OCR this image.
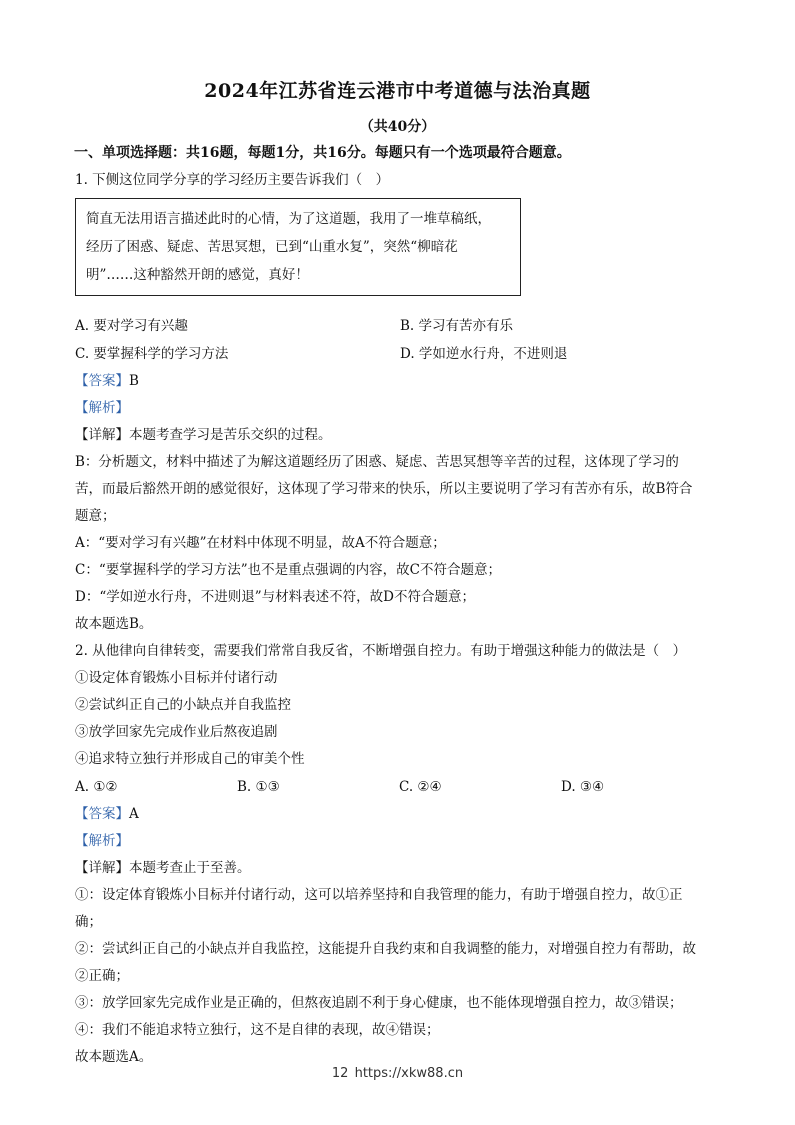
2024年江苏省连云港市中考道德与法治真题
（共40分）
一、单项选择题：共16题，每题1分，共16分。每题只有一个选项最符合题意。
1. 下侧这位同学分享的学习经历主要告诉我们（　）
简直无法用语言描述此时的心情，为了这道题，我用了一堆草稿纸，
经历了困惑、疑虑、苦思冥想，已到“山重水复”，突然“柳暗花
明”……这种豁然开朗的感觉，真好！
A. 要对学习有兴趣	B. 学习有苦亦有乐
C. 要掌握科学的学习方法	D. 学如逆水行舟，不进则退
【答案】B
【解析】
【详解】本题考查学习是苦乐交织的过程。
B：分析题文，材料中描述了为解这道题经历了困惑、疑虑、苦思冥想等辛苦的过程，这体现了学习的
苦，而最后豁然开朗的感觉很好，这体现了学习带来的快乐，所以主要说明了学习有苦亦有乐，故B符合
题意；
A：“要对学习有兴趣”在材料中体现不明显，故A不符合题意；
C：“要掌握科学的学习方法”也不是重点强调的内容，故C不符合题意；
D：“学如逆水行舟，不进则退”与材料表述不符，故D不符合题意；
故本题选B。
2. 从他律向自律转变，需要我们常常自我反省，不断增强自控力。有助于增强这种能力的做法是（　）
①设定体育锻炼小目标并付诸行动
②尝试纠正自己的小缺点并自我监控
③放学回家先完成作业后熬夜追剧
④追求特立独行并形成自己的审美个性
A. ①②	B. ①③	C. ②④	D. ③④
【答案】A
【解析】
【详解】本题考查止于至善。
①：设定体育锻炼小目标并付诸行动，这可以培养坚持和自我管理的能力，有助于增强自控力，故①正
确；
②：尝试纠正自己的小缺点并自我监控，这能提升自我约束和自我调整的能力，对增强自控力有帮助，故
②正确；
③：放学回家先完成作业是正确的，但熬夜追剧不利于身心健康，也不能体现增强自控力，故③错误；
④：我们不能追求特立独行，这不是自律的表现，故④错误；
故本题选A。
12 https://xkw88.cn
